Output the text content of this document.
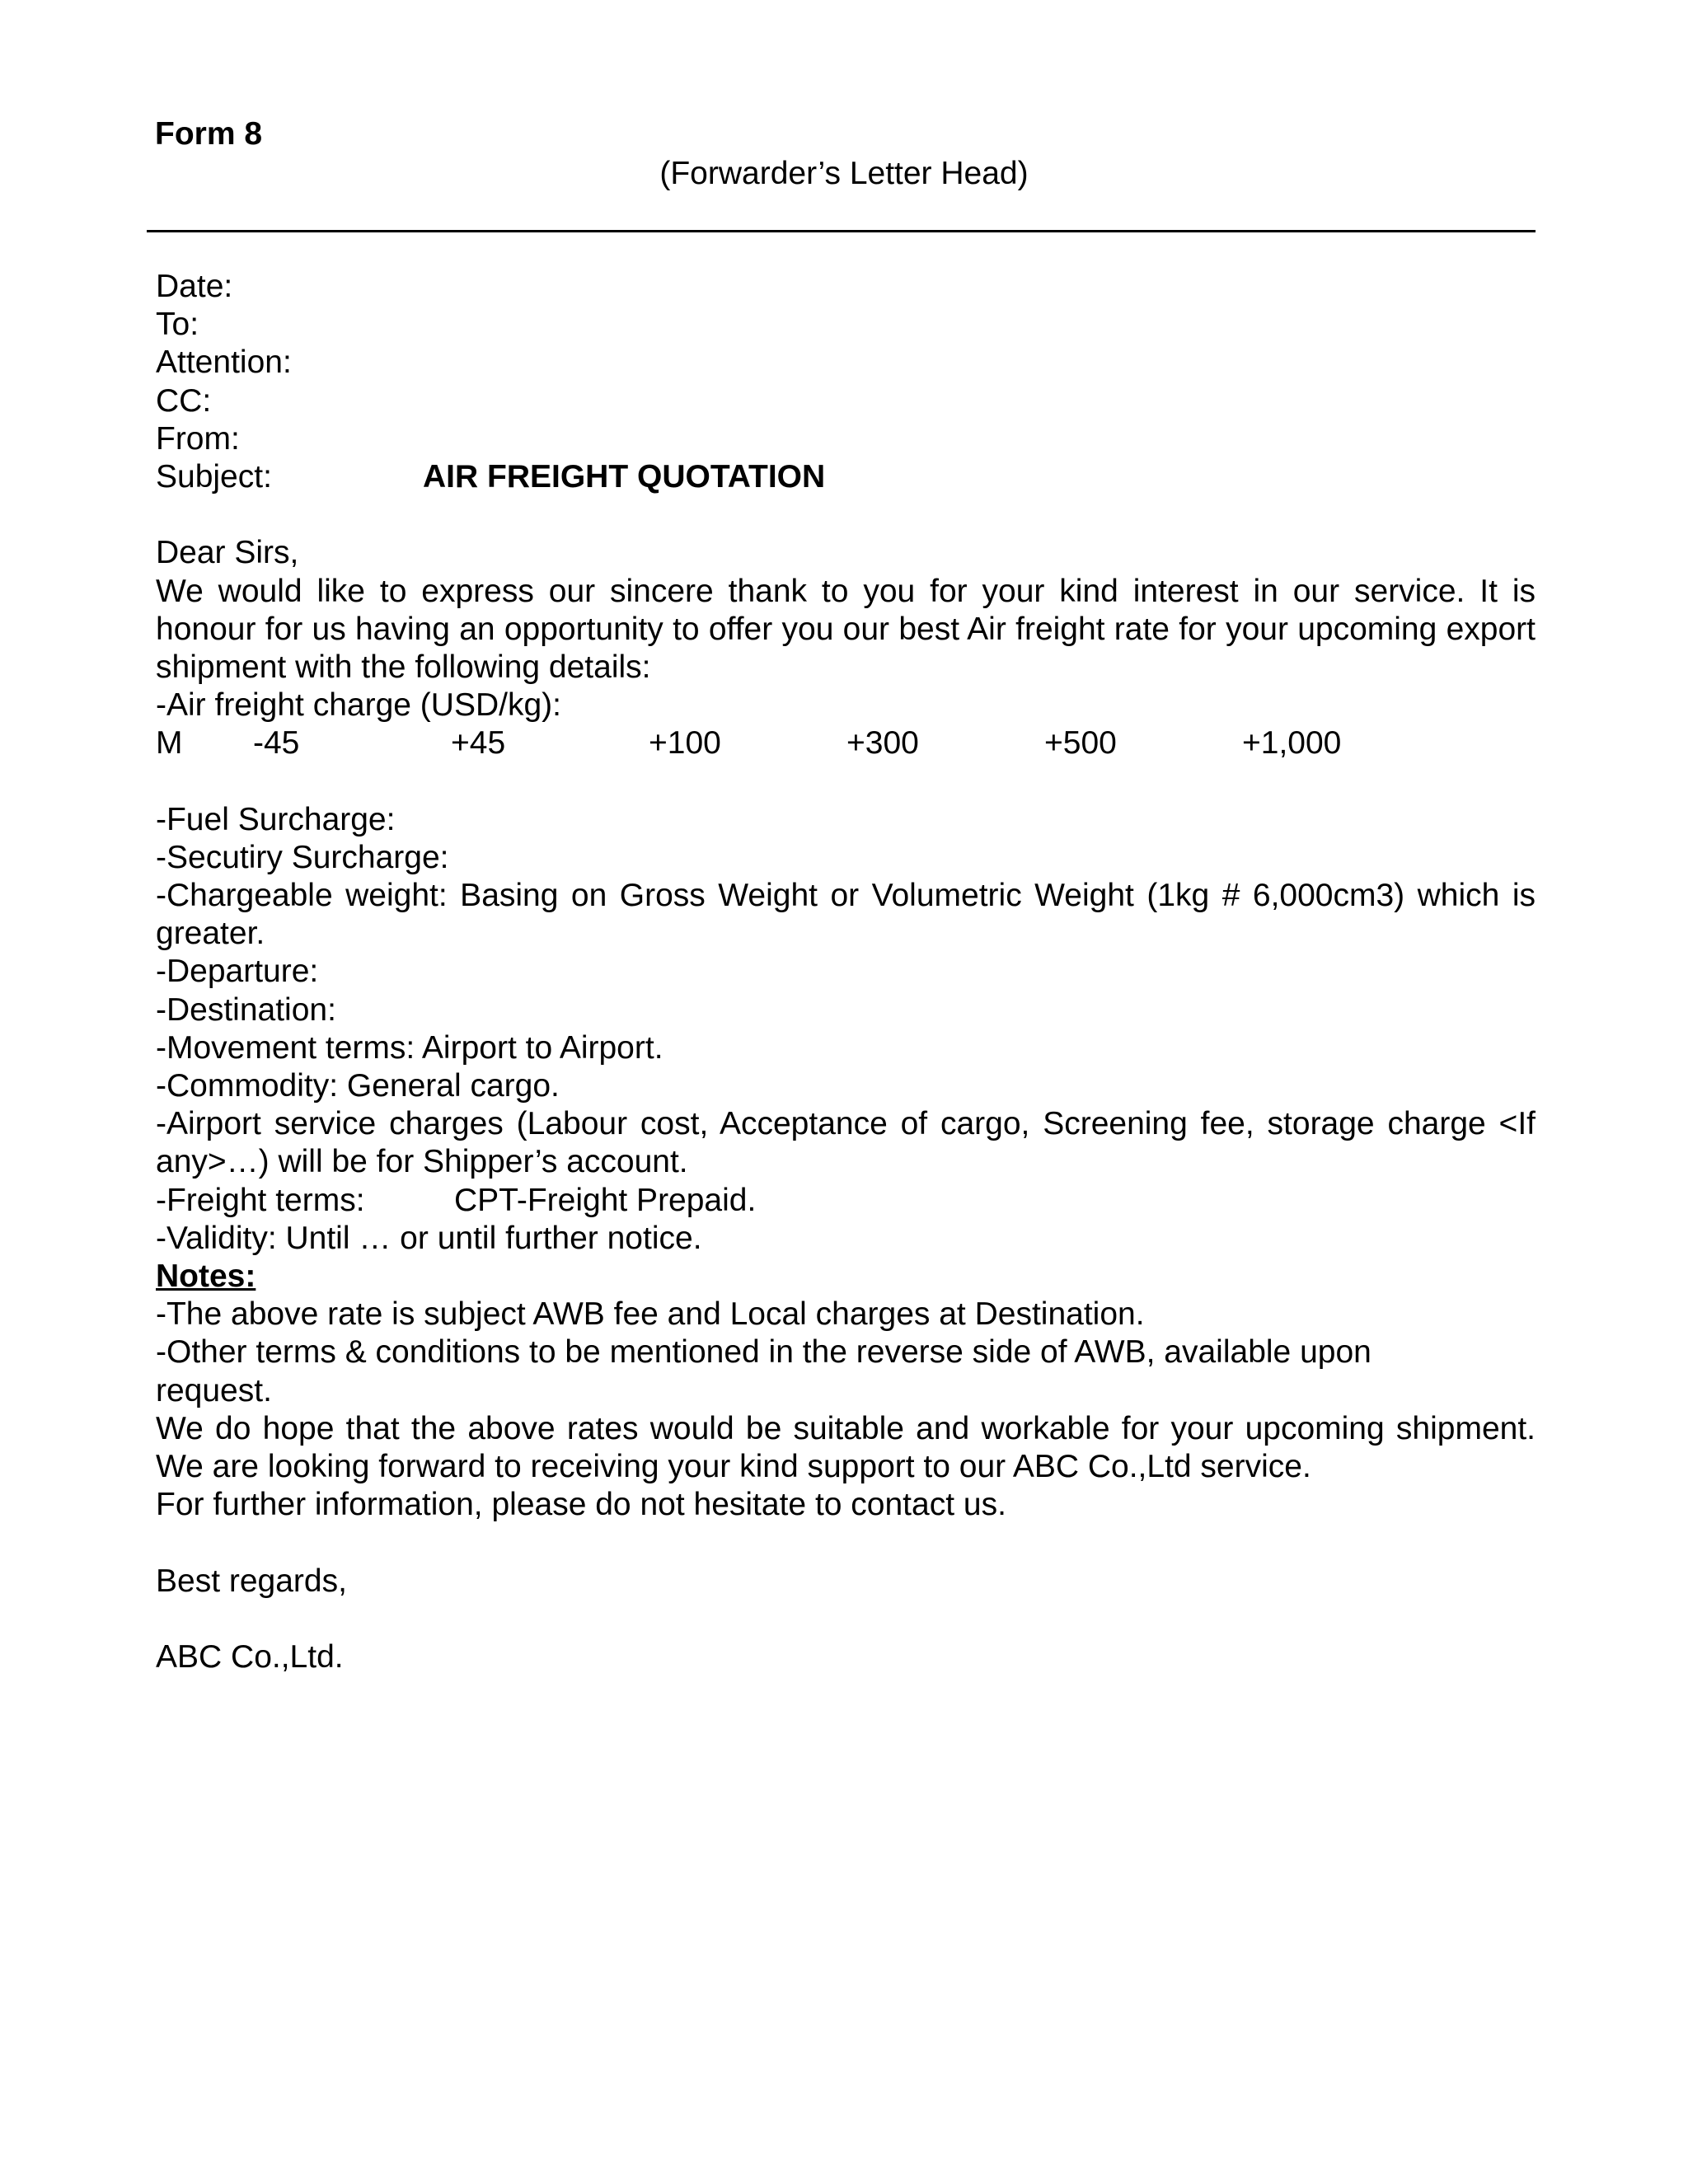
Form 8
(Forwarder’s Letter Head)
Date:
To:
Attention:
CC:
From:
Subject:	AIR FREIGHT QUOTATION
Dear Sirs,
We would like to express our sincere thank to you for your kind interest in our service. It is honour for us having an opportunity to offer you our best Air freight rate for your upcoming export shipment with the following details:
-Air freight charge (USD/kg):
M -45	+45	+100	+300	+500	+1,000
-Fuel Surcharge:
-Secutiry Surcharge:
-Chargeable weight: Basing on Gross Weight or Volumetric Weight (1kg # 6,000cm3) which is greater.
-Departure:
-Destination:
-Movement terms: Airport to Airport.
-Commodity: General cargo.
-Airport service charges (Labour cost, Acceptance of cargo, Screening fee, storage charge <If any>…) will be for Shipper’s account.
-Freight terms:	CPT-Freight Prepaid.
-Validity: Until … or until further notice.
Notes:
-The above rate is subject AWB fee and Local charges at Destination.
-Other terms & conditions to be mentioned in the reverse side of AWB, available upon
request.
We do hope that the above rates would be suitable and workable for your upcoming shipment. We are looking forward to receiving your kind support to our ABC Co.,Ltd service.
For further information, please do not hesitate to contact us.
Best regards,
ABC Co.,Ltd.
